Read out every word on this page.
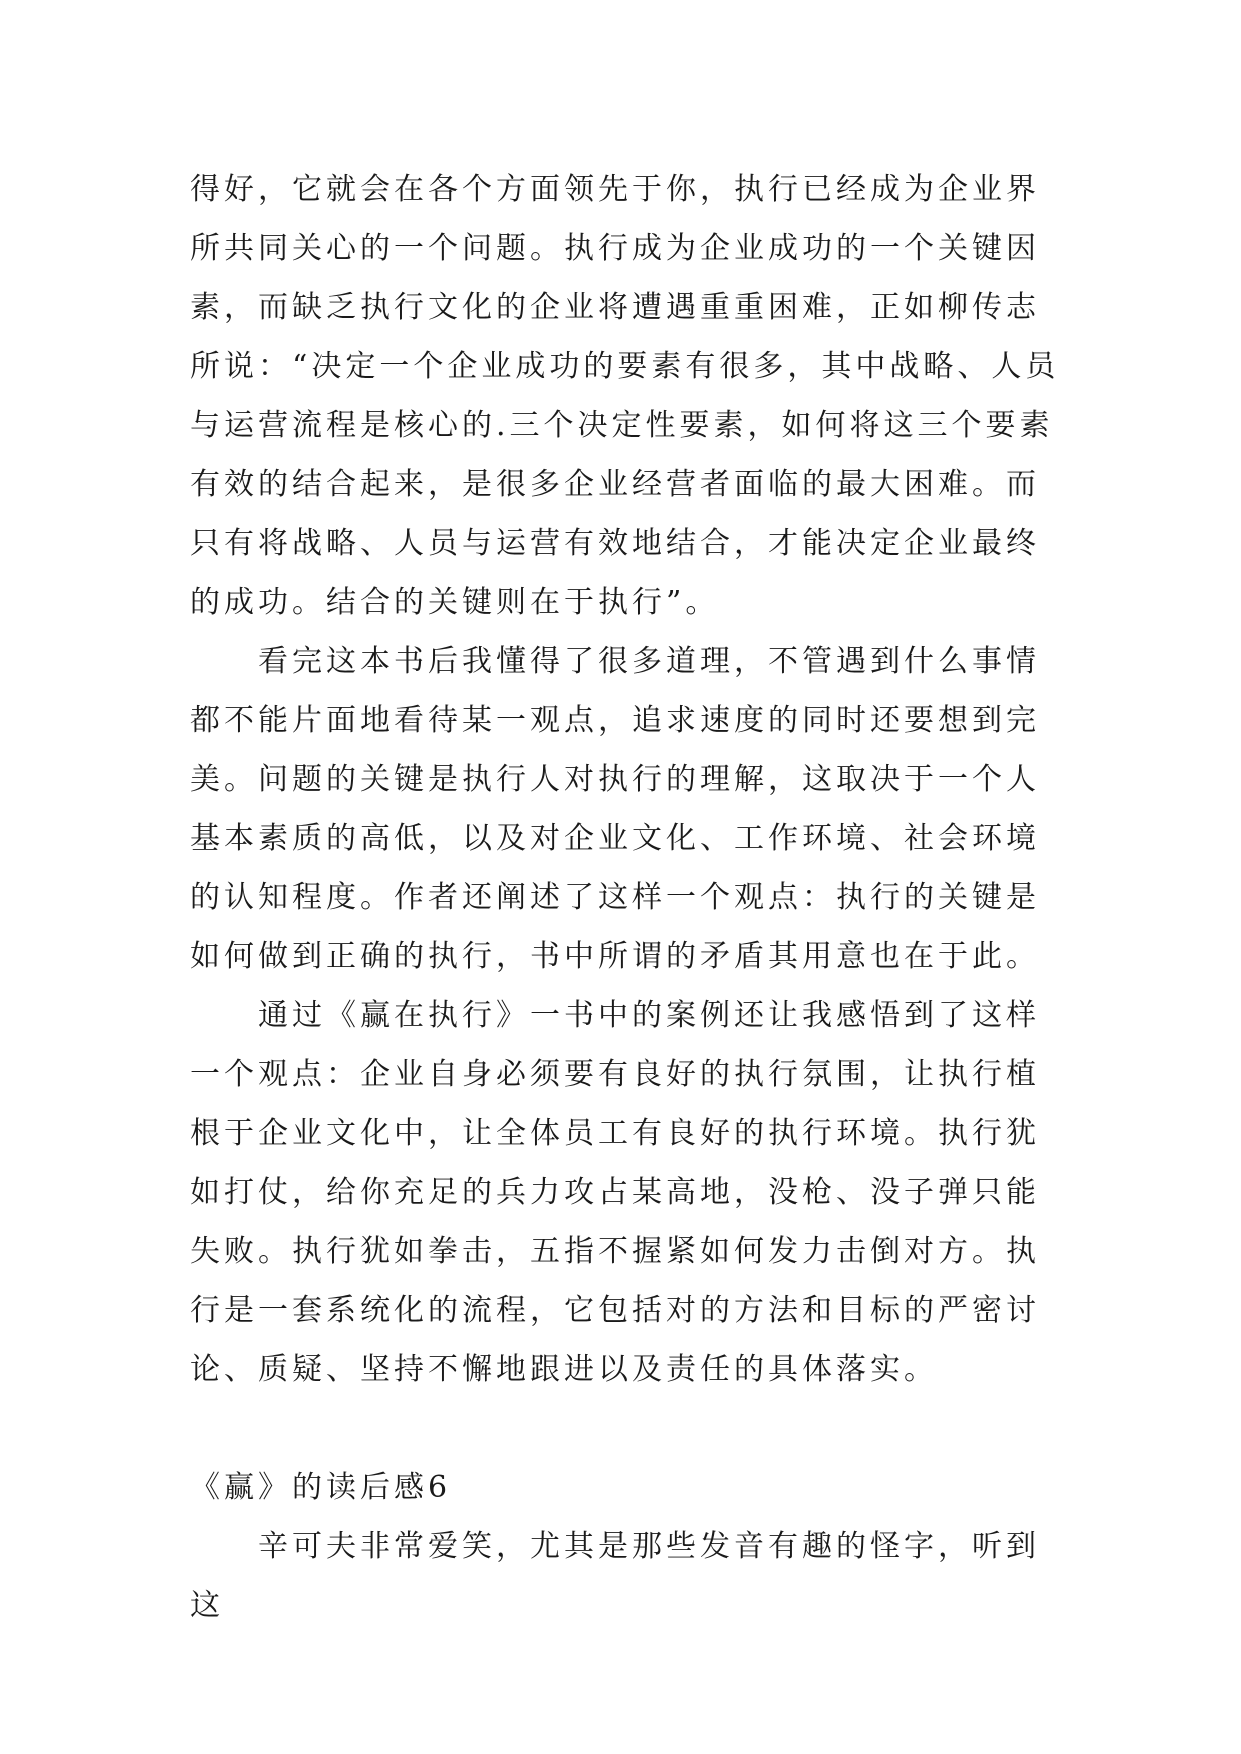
得好，它就会在各个方面领先于你，执行已经成为企业界所共同关心的一个问题。执行成为企业成功的一个关键因素，而缺乏执行文化的企业将遭遇重重困难，正如柳传志所说：“决定一个企业成功的要素有很多，其中战略、人员与运营流程是核心的.三个决定性要素，如何将这三个要素有效的结合起来，是很多企业经营者面临的最大困难。而只有将战略、人员与运营有效地结合，才能决定企业最终的成功。结合的关键则在于执行”。

看完这本书后我懂得了很多道理，不管遇到什么事情都不能片面地看待某一观点，追求速度的同时还要想到完美。问题的关键是执行人对执行的理解，这取决于一个人基本素质的高低，以及对企业文化、工作环境、社会环境的认知程度。作者还阐述了这样一个观点：执行的关键是如何做到正确的执行，书中所谓的矛盾其用意也在于此。

通过《赢在执行》一书中的案例还让我感悟到了这样一个观点：企业自身必须要有良好的执行氛围，让执行植根于企业文化中，让全体员工有良好的执行环境。执行犹如打仗，给你充足的兵力攻占某高地，没枪、没子弹只能失败。执行犹如拳击，五指不握紧如何发力击倒对方。执行是一套系统化的流程，它包括对的方法和目标的严密讨论、质疑、坚持不懈地跟进以及责任的具体落实。

《赢》的读后感6

辛可夫非常爱笑，尤其是那些发音有趣的怪字，听到这
